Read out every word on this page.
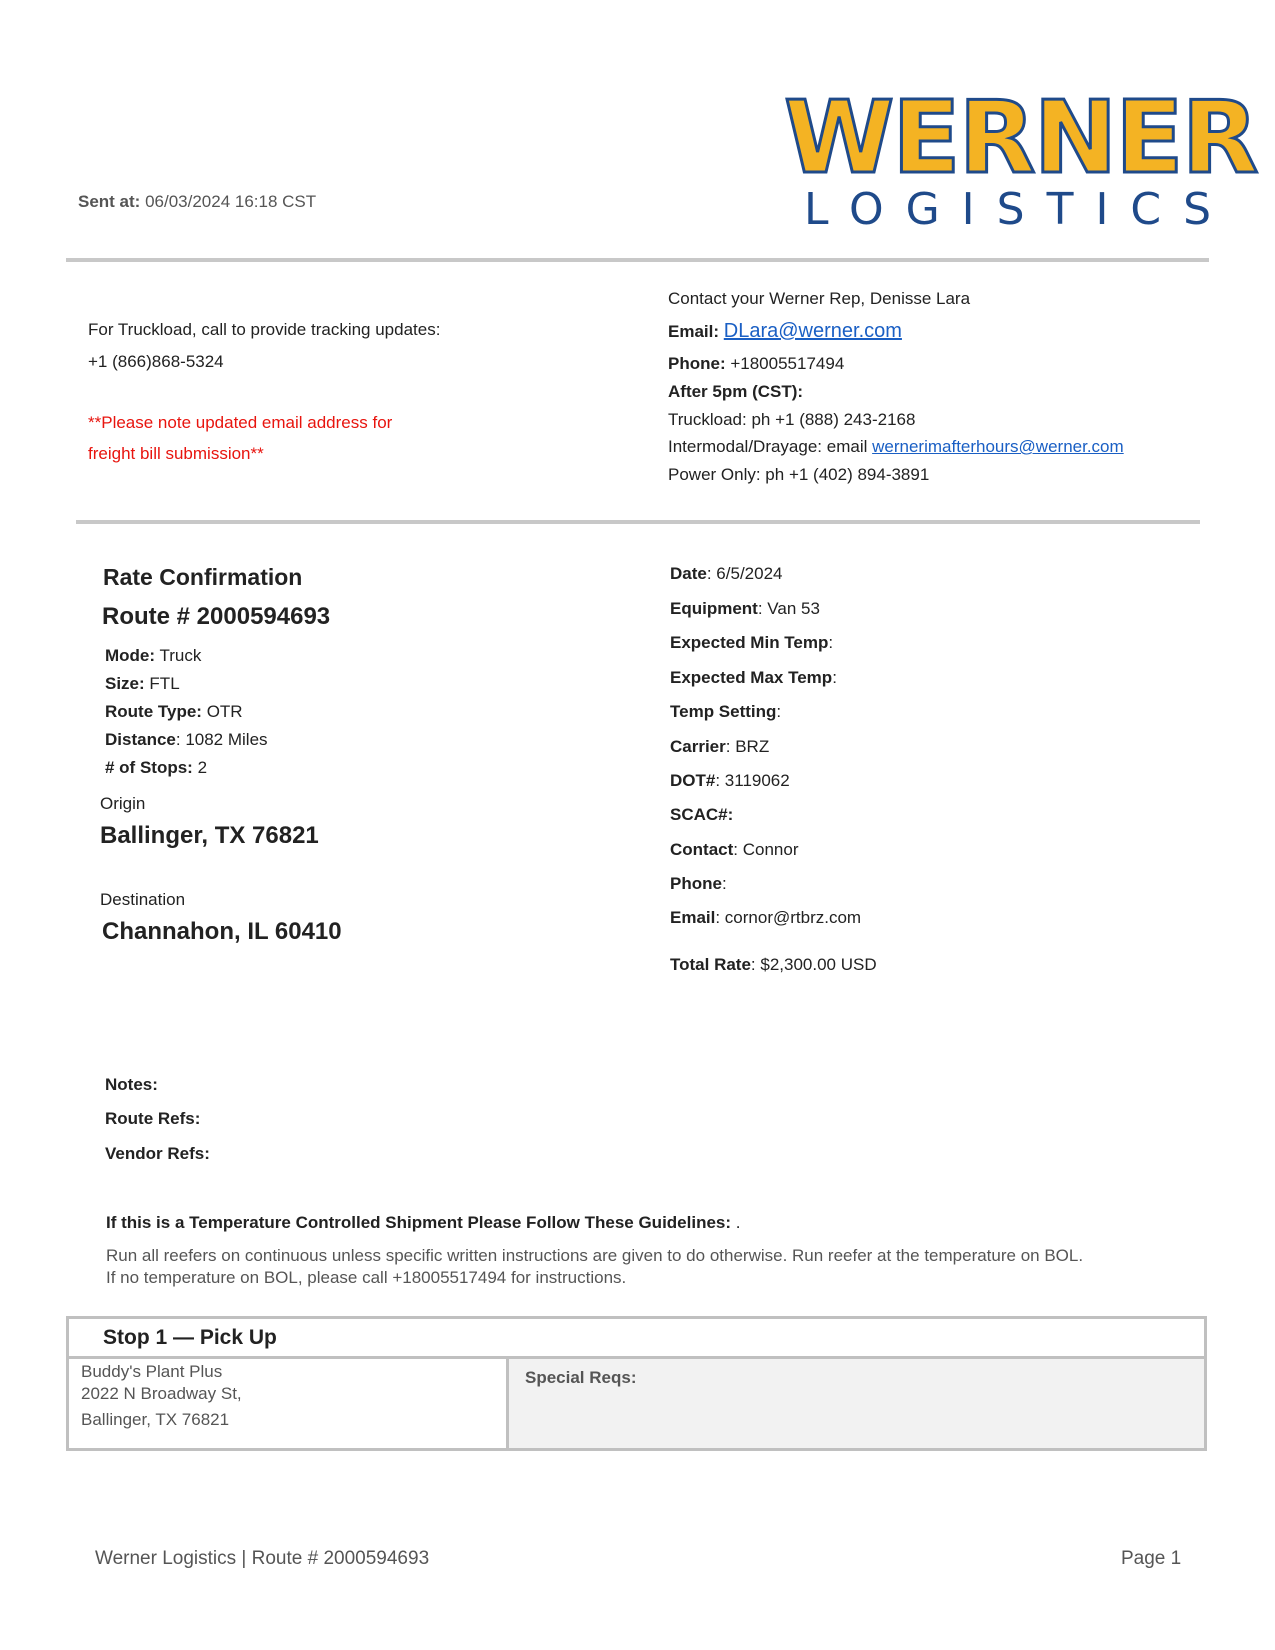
Sent at: 06/03/2024 16:18 CST
WERNER
LOGISTICS
For Truckload, call to provide tracking updates:
+1 (866)868-5324
**Please note updated email address for
freight bill submission**
Contact your Werner Rep, Denisse Lara
Email: DLara@werner.com
Phone: +18005517494
After 5pm (CST):
Truckload: ph +1 (888) 243-2168
Intermodal/Drayage: email wernerimafterhours@werner.com
Power Only: ph +1 (402) 894-3891
Rate Confirmation
Route # 2000594693
Mode: Truck
Size: FTL
Route Type: OTR
Distance: 1082 Miles
# of Stops: 2
Origin
Ballinger, TX 76821
Destination
Channahon, IL 60410
Date: 6/5/2024
Equipment: Van 53
Expected Min Temp:
Expected Max Temp:
Temp Setting:
Carrier: BRZ
DOT#: 3119062
SCAC#:
Contact: Connor
Phone:
Email: cornor@rtbrz.com
Total Rate: $2,300.00 USD
Notes:
Route Refs:
Vendor Refs:
If this is a Temperature Controlled Shipment Please Follow These Guidelines: .
Run all reefers on continuous unless specific written instructions are given to do otherwise. Run reefer at the temperature on BOL.
If no temperature on BOL, please call +18005517494 for instructions.
Stop 1 — Pick Up
Buddy's Plant Plus
2022 N Broadway St,
Ballinger, TX 76821
Special Reqs:
Werner Logistics | Route # 2000594693	Page 1
